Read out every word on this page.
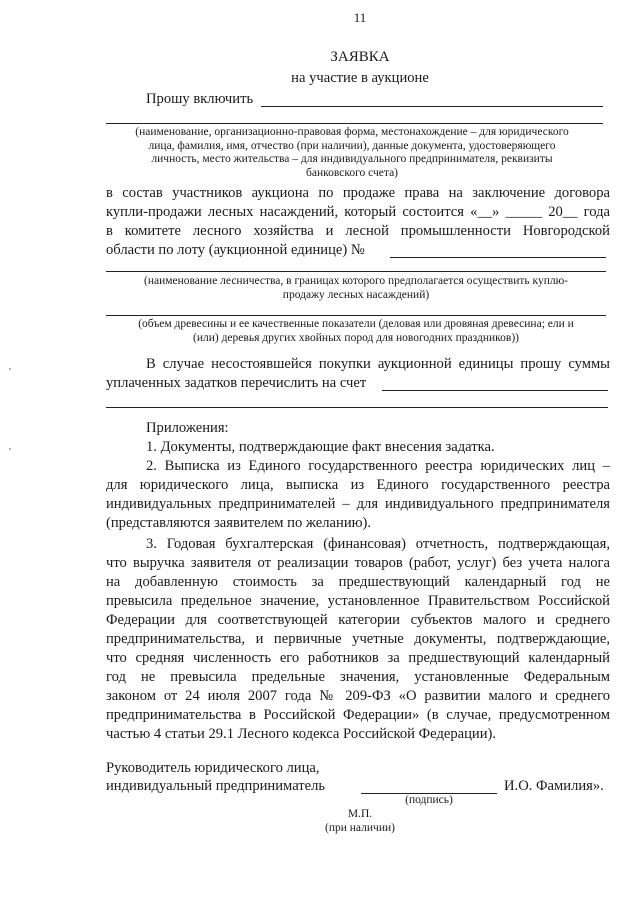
11
ЗАЯВКА
на участие в аукционе
Прошу включить
(наименование, организационно-правовая форма, местонахождение – для юридического
лица, фамилия, имя, отчество (при наличии), данные документа, удостоверяющего
личность, место жительства – для индивидуального предпринимателя, реквизиты
банковского счета)
в состав участников аукциона по продаже права на заключение договора
купли-продажи лесных насаждений, который состоится «__» _____ 20__ года
в комитете лесного хозяйства и лесной промышленности Новгородской
области по лоту (аукционной единице) №
(наименование лесничества, в границах которого предполагается осуществить куплю-
продажу лесных насаждений)
(объем древесины и ее качественные показатели (деловая или дровяная древесина; ели и
(или) деревья других хвойных пород для новогодних праздников))
В случае несостоявшейся покупки аукционной единицы прошу суммы
уплаченных задатков перечислить на счет
Приложения:
1. Документы, подтверждающие факт внесения задатка.
2. Выписка из Единого государственного реестра юридических лиц –
для юридического лица, выписка из Единого государственного реестра
индивидуальных предпринимателей – для индивидуального предпринимателя
(представляются заявителем по желанию).
3. Годовая бухгалтерская (финансовая) отчетность, подтверждающая,
что выручка заявителя от реализации товаров (работ, услуг) без учета налога
на добавленную стоимость за предшествующий календарный год не
превысила предельное значение, установленное Правительством Российской
Федерации для соответствующей категории субъектов малого и среднего
предпринимательства, и первичные учетные документы, подтверждающие,
что средняя численность его работников за предшествующий календарный
год не превысила предельные значения, установленные Федеральным
законом от 24 июля 2007 года № 209-ФЗ «О развитии малого и среднего
предпринимательства в Российской Федерации» (в случае, предусмотренном
частью 4 статьи 29.1 Лесного кодекса Российской Федерации).
Руководитель юридического лица,
индивидуальный предприниматель	И.О. Фамилия».
(подпись)
М.П.
(при наличии)
